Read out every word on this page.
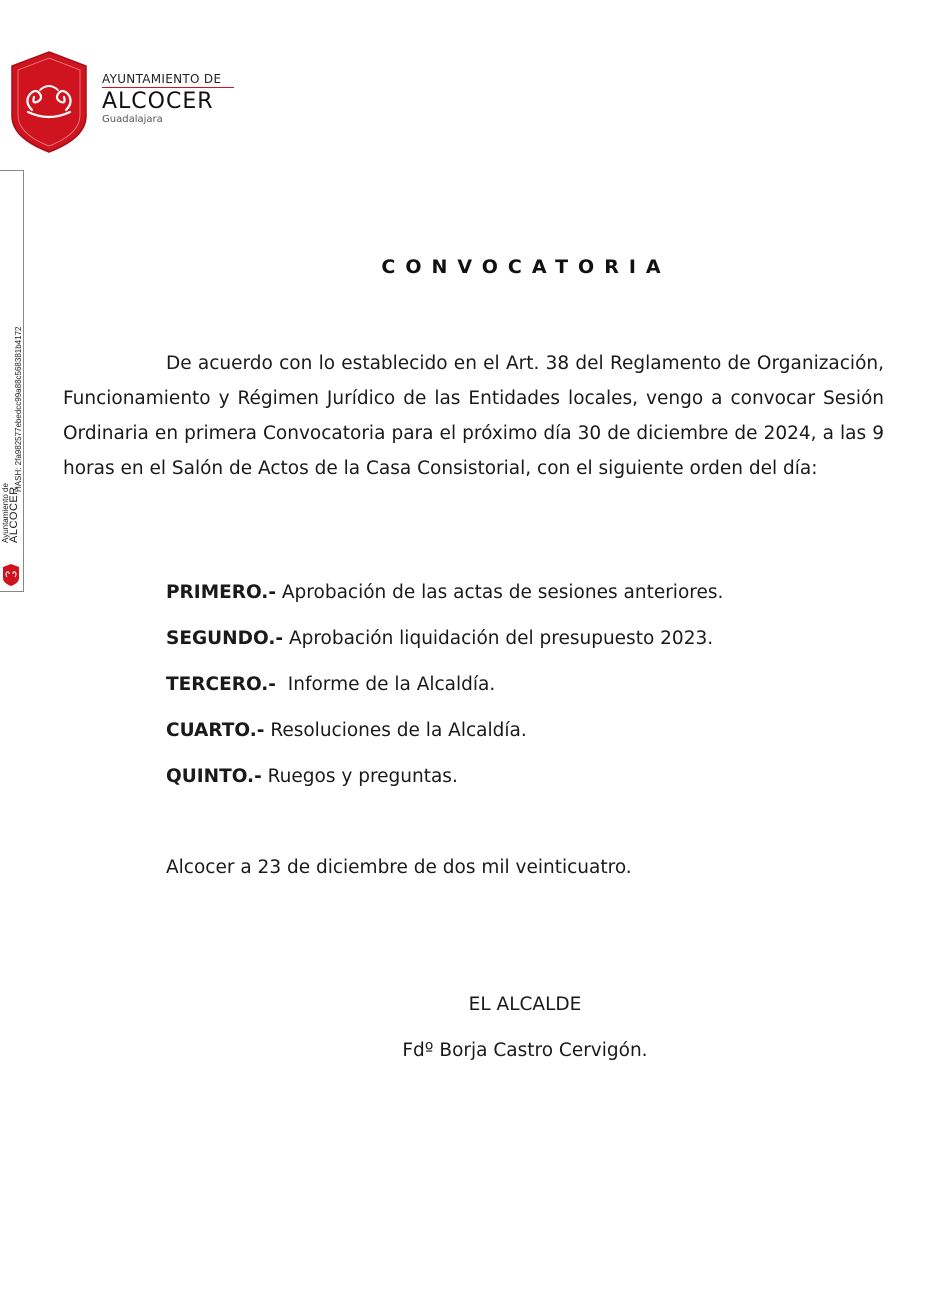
AYUNTAMIENTO DE
ALCOCER
Guadalajara
HASH: 2fa982577ebedcc99a88c568381b4172
Ayuntamiento de
ALCOCER
CONVOCATORIA

De acuerdo con lo establecido en el Art. 38 del Reglamento de Organización, Funcionamiento y Régimen Jurídico de las Entidades locales, vengo a convocar Sesión Ordinaria en primera Convocatoria para el próximo día 30 de diciembre de 2024, a las 9 horas en el Salón de Actos de la Casa Consistorial, con el siguiente orden del día:

PRIMERO.- Aprobación de las actas de sesiones anteriores.
SEGUNDO.- Aprobación liquidación del presupuesto 2023.
TERCERO.-  Informe de la Alcaldía.
CUARTO.- Resoluciones de la Alcaldía.
QUINTO.- Ruegos y preguntas.
Alcocer a 23 de diciembre de dos mil veinticuatro.
EL ALCALDE
Fdº Borja Castro Cervigón.
